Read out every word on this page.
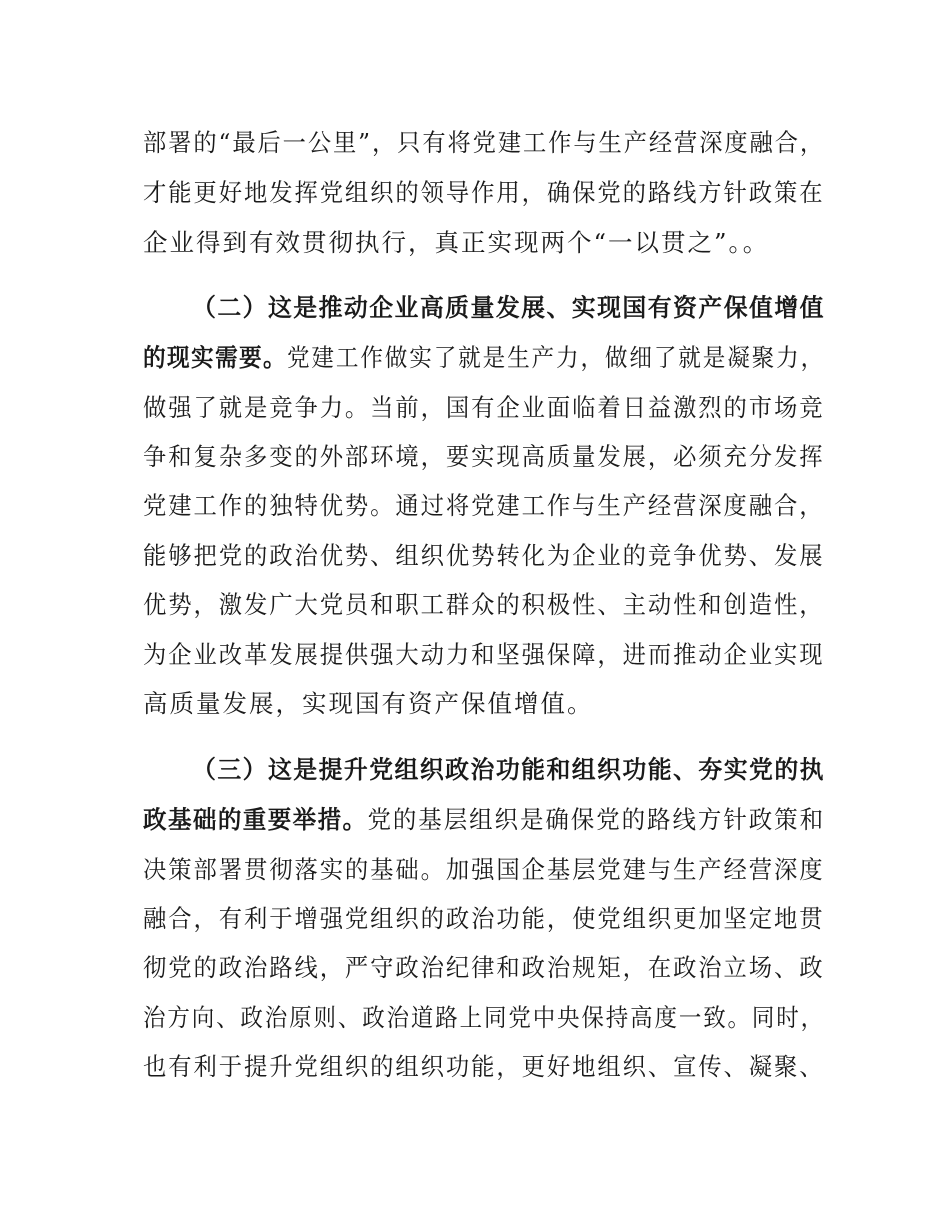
部署的“最后一公里”，只有将党建工作与生产经营深度融合，
才能更好地发挥党组织的领导作用，确保党的路线方针政策在
企业得到有效贯彻执行，真正实现两个“一以贯之”。。
（二）这是推动企业高质量发展、实现国有资产保值增值
的现实需要。党建工作做实了就是生产力，做细了就是凝聚力，
做强了就是竞争力。当前，国有企业面临着日益激烈的市场竞
争和复杂多变的外部环境，要实现高质量发展，必须充分发挥
党建工作的独特优势。通过将党建工作与生产经营深度融合，
能够把党的政治优势、组织优势转化为企业的竞争优势、发展
优势，激发广大党员和职工群众的积极性、主动性和创造性，
为企业改革发展提供强大动力和坚强保障，进而推动企业实现
高质量发展，实现国有资产保值增值。
（三）这是提升党组织政治功能和组织功能、夯实党的执
政基础的重要举措。党的基层组织是确保党的路线方针政策和
决策部署贯彻落实的基础。加强国企基层党建与生产经营深度
融合，有利于增强党组织的政治功能，使党组织更加坚定地贯
彻党的政治路线，严守政治纪律和政治规矩，在政治立场、政
治方向、政治原则、政治道路上同党中央保持高度一致。同时，
也有利于提升党组织的组织功能，更好地组织、宣传、凝聚、
